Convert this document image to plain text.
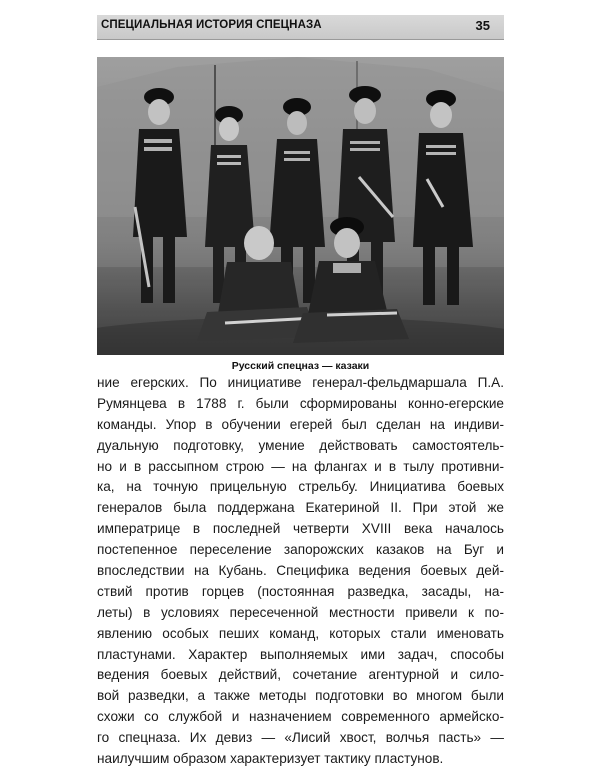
СПЕЦИАЛЬНАЯ ИСТОРИЯ СПЕЦНАЗА	35
Русский спецназ — казаки
ние егерских. По инициативе генерал-фельдмаршала П.А.
Румянцева в 1788 г. были сформированы конно-егерские
команды. Упор в обучении егерей был сделан на индиви-
дуальную подготовку, умение действовать самостоятель-
но и в рассыпном строю — на флангах и в тылу противни-
ка, на точную прицельную стрельбу. Инициатива боевых
генералов была поддержана Екатериной II. При этой же
императрице в последней четверти XVIII века началось
постепенное переселение запорожских казаков на Буг и
впоследствии на Кубань. Специфика ведения боевых дей-
ствий против горцев (постоянная разведка, засады, на-
леты) в условиях пересеченной местности привели к по-
явлению особых пеших команд, которых стали именовать
пластунами. Характер выполняемых ими задач, способы
ведения боевых действий, сочетание агентурной и сило-
вой разведки, а также методы подготовки во многом были
схожи со службой и назначением современного армейско-
го спецназа. Их девиз — «Лисий хвост, волчья пасть» —
наилучшим образом характеризует тактику пластунов.
